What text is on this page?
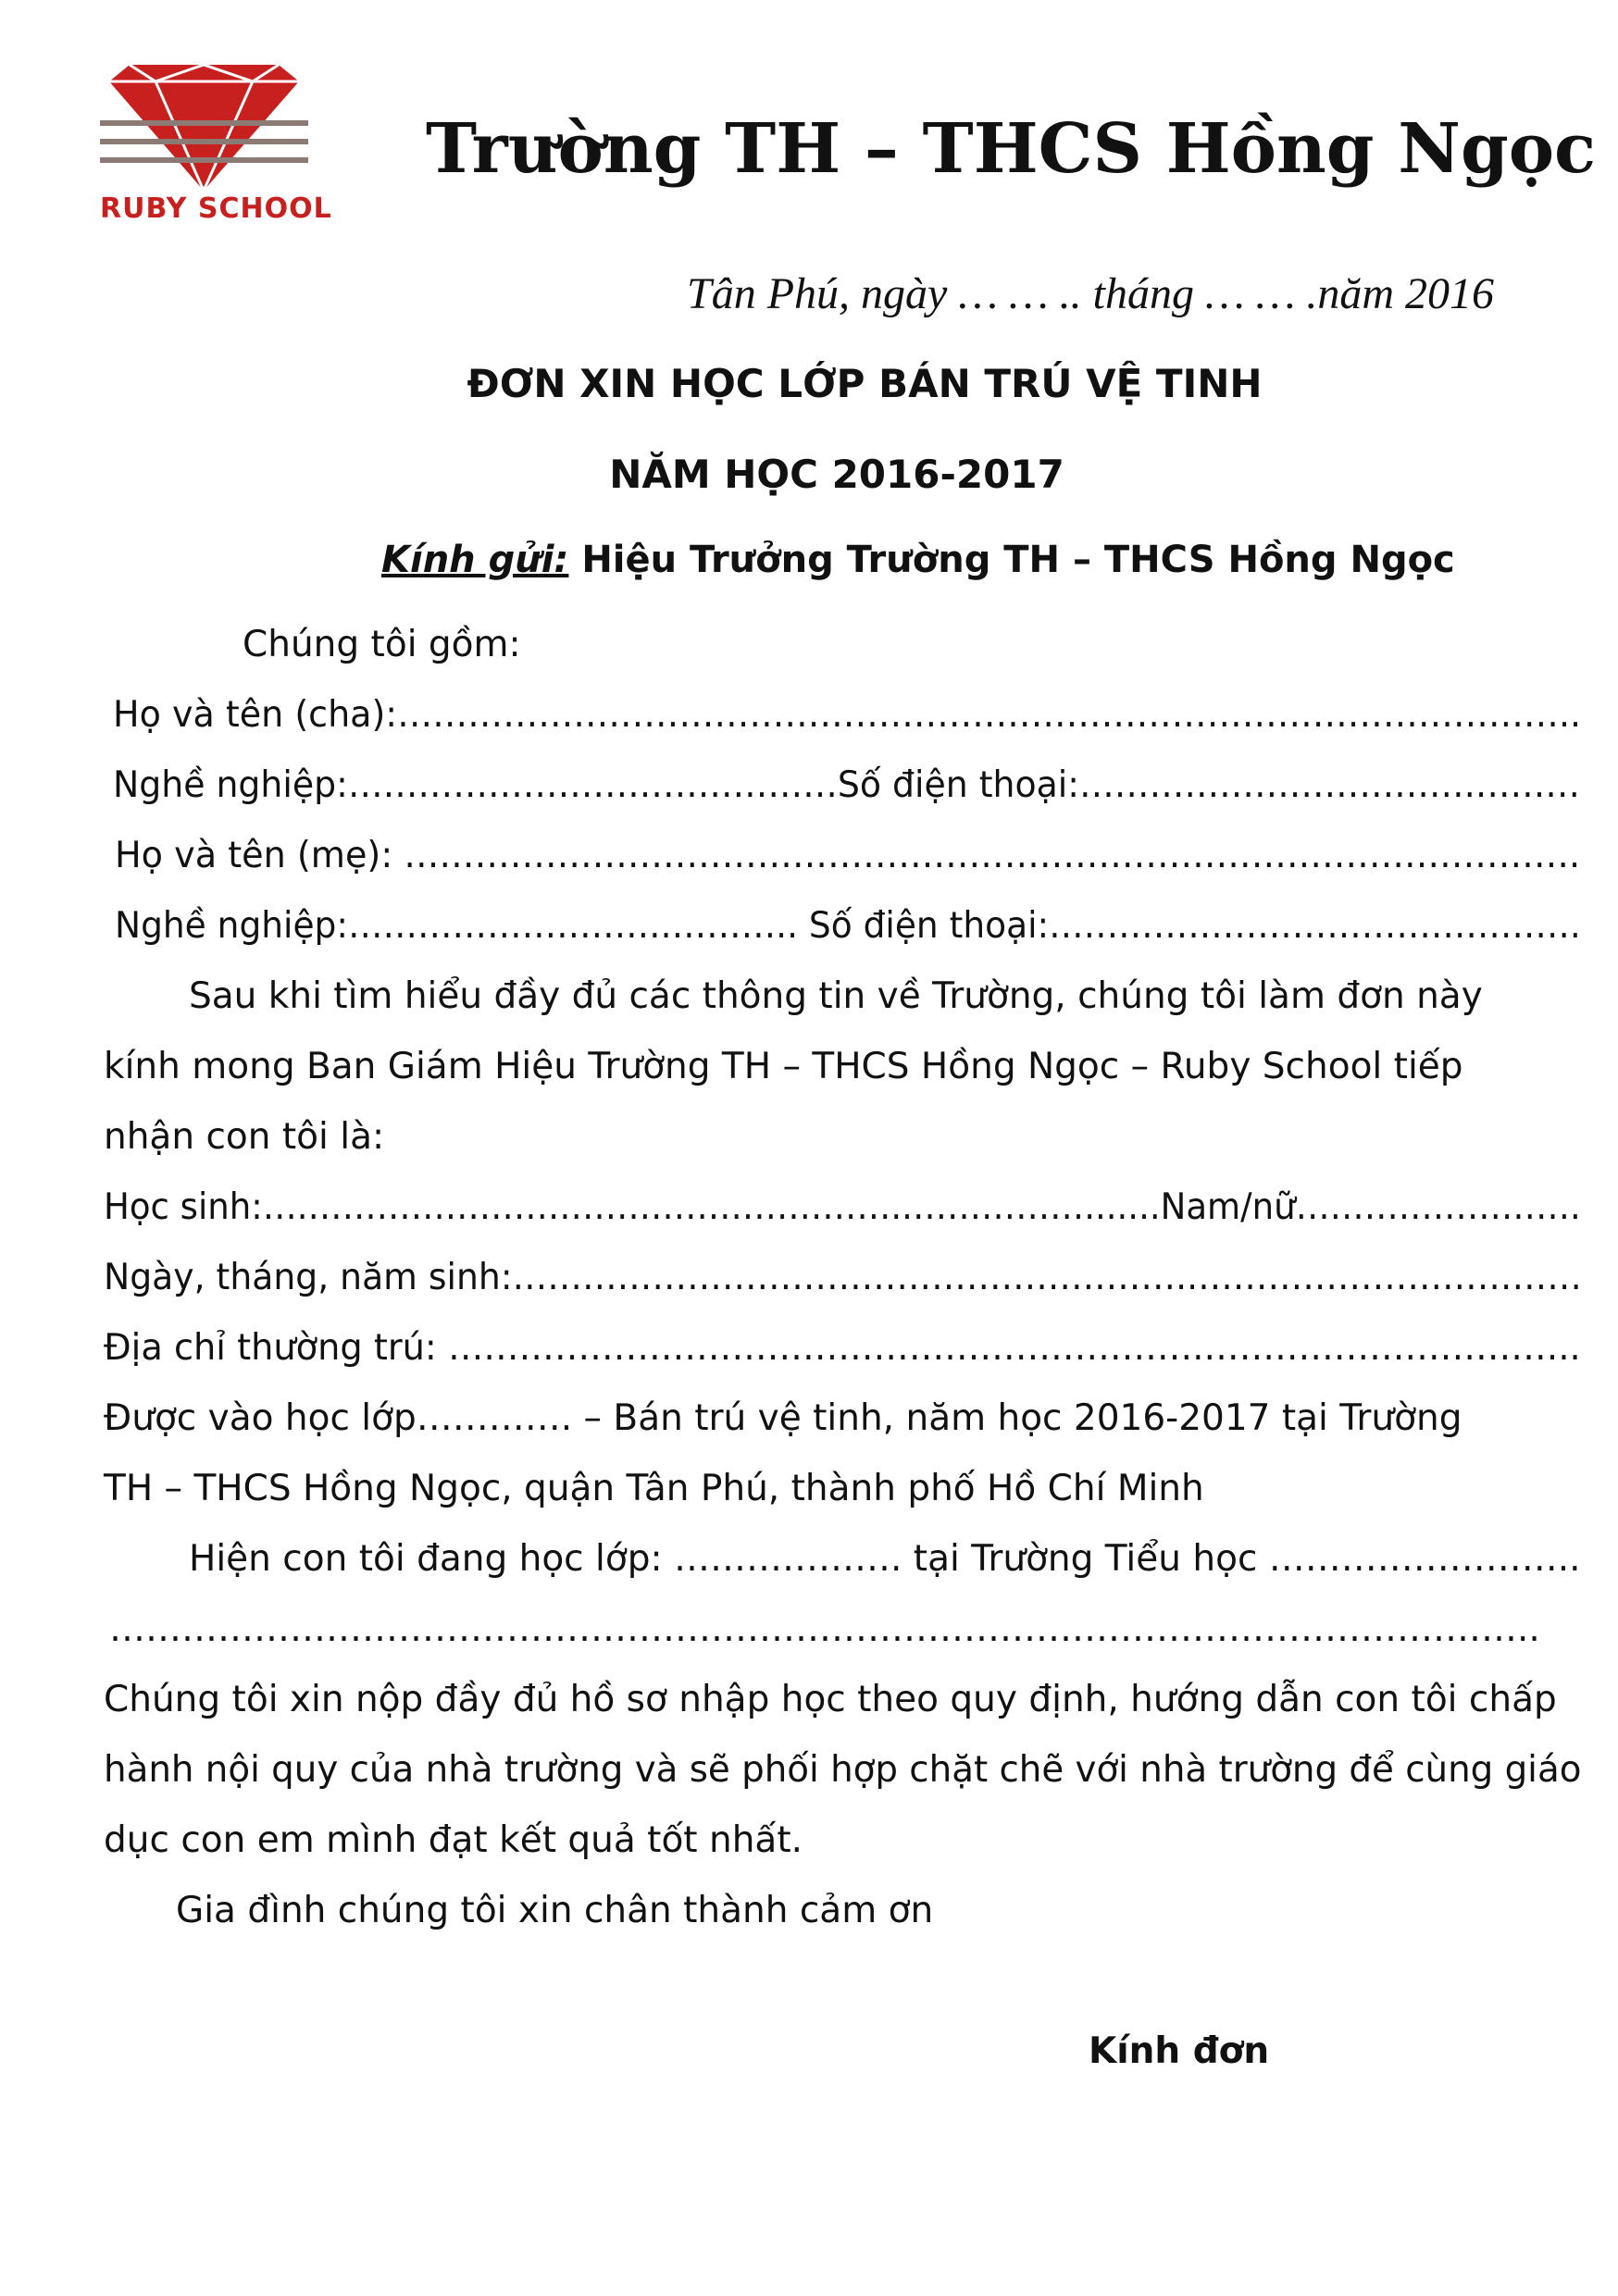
RUBY SCHOOL
Trường TH – THCS Hồng Ngọc
Tân Phú, ngày … … .. tháng … … .năm 2016
ĐƠN XIN HỌC LỚP BÁN TRÚ VỆ TINH
NĂM HỌC 2016-2017
Kính gửi: Hiệu Trưởng Trường TH – THCS Hồng Ngọc
Chúng tôi gồm:
Họ và tên (cha):………………………………………………………………………………………..
Nghề nghiệp:……………………………………Số điện thoại:…………………………….………
Họ và tên (mẹ): ……………………………………………………………………………………….
Nghề nghiệp:……………………….……….. Số điện thoại:……………………………………….
Sau khi tìm hiểu đầy đủ các thông tin về Trường, chúng tôi làm đơn này
kính mong Ban Giám Hiệu Trường TH – THCS Hồng Ngọc – Ruby School tiếp
nhận con tôi là:
Học sinh:….……………………………………………..…………….......Nam/nữ…………………….
Ngày, tháng, năm sinh:…………………………………………………..……………………………
Địa chỉ thường trú: ……………………………………………………….…………………………..
Được vào học lớp…………. – Bán trú vệ tinh, năm học 2016-2017 tại Trường
TH – THCS Hồng Ngọc, quận Tân Phú, thành phố Hồ Chí Minh
Hiện con tôi đang học lớp: ………………. tại Trường Tiểu học ……………………..
………………………………………………………………………………………………………..
Chúng tôi xin nộp đầy đủ hồ sơ nhập học theo quy định, hướng dẫn con tôi chấp
hành nội quy của nhà trường và sẽ phối hợp chặt chẽ với nhà trường để cùng giáo
dục con em mình đạt kết quả tốt nhất.
Gia đình chúng tôi xin chân thành cảm ơn
Kính đơn
